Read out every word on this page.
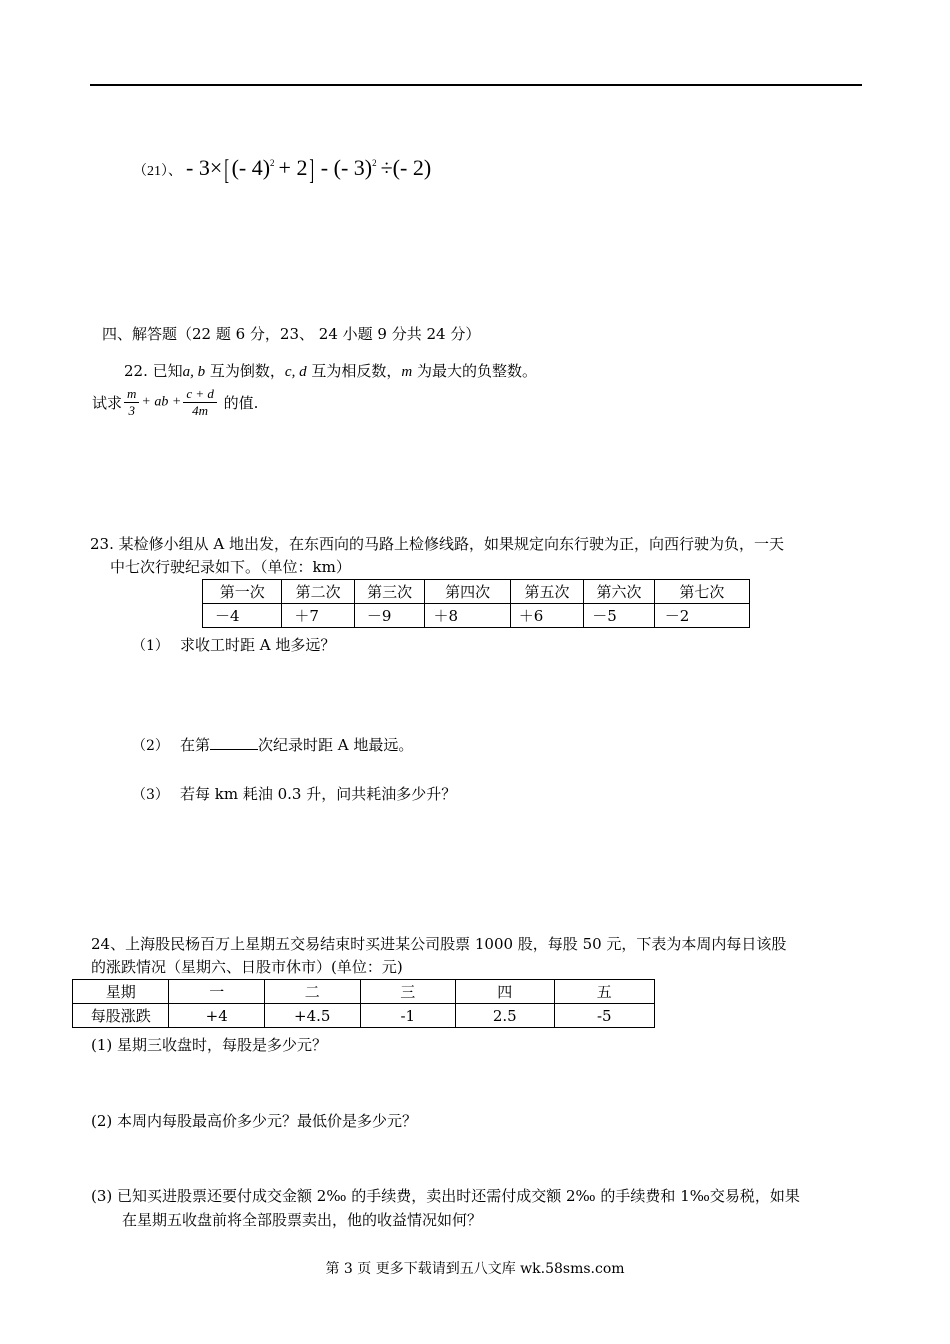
（21）、 - 3×[ (- 4)$^2$ + 2] - (- 3)$^2$ ÷(- 2)
四、解答题（22 题 6 分，23、 24 小题 9 分共 24 分）
22. 已知a, b 互为倒数，c, d 互为相反数，m 为最大的负整数。
试求 $\frac{m}{3}$ + ab + $\frac{c + d}{4m}$ 的值.
23. 某检修小组从 A 地出发，在东西向的马路上检修线路，如果规定向东行驶为正，向西行驶为负，一天
中七次行驶纪录如下。（单位：km）
第一次	第二次	第三次	第四次	第五次	第六次	第七次
－4	＋7	－9	＋8	＋6	－5	－2
（1） 求收工时距 A 地多远？
（2） 在第	次纪录时距 A 地最远。
（3） 若每 km 耗油 0.3 升，问共耗油多少升？
24、上海股民杨百万上星期五交易结束时买进某公司股票 1000 股，每股 50 元，下表为本周内每日该股
的涨跌情况（星期六、日股市休市）(单位：元)
星期	一	二	三	四	五
每股涨跌	+4	+4.5	-1	2.5	-5
(1) 星期三收盘时，每股是多少元？
(2) 本周内每股最高价多少元？最低价是多少元？
(3) 已知买进股票还要付成交金额 2‰ 的手续费，卖出时还需付成交额 2‰ 的手续费和 1‰交易税，如果
在星期五收盘前将全部股票卖出，他的收益情况如何？
第 3 页 更多下载请到五八文库 wk.58sms.com
